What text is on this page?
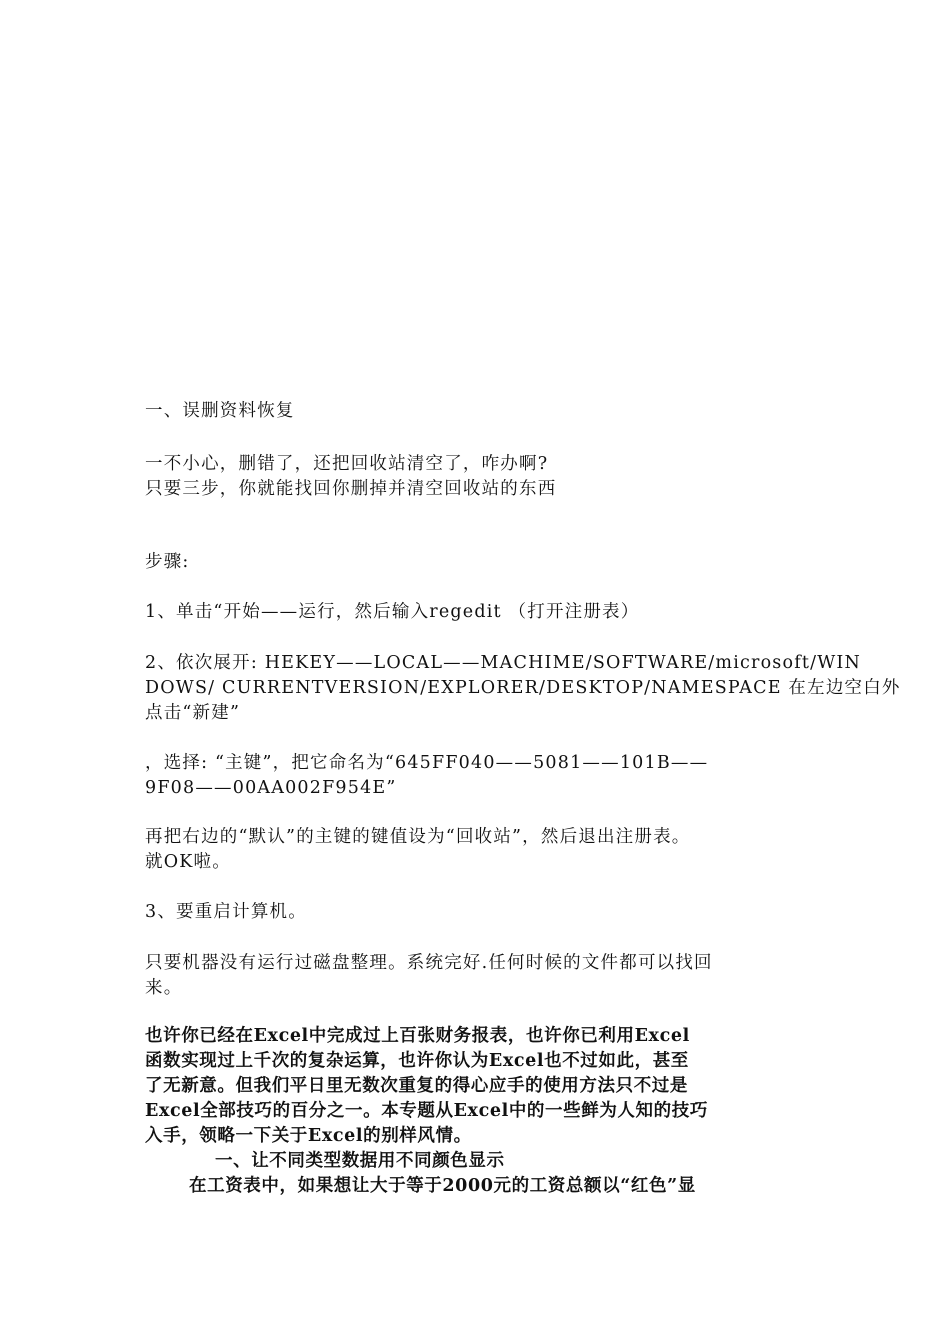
一、误删资料恢复
一不小心，删错了，还把回收站清空了，咋办啊?
只要三步，你就能找回你删掉并清空回收站的东西
步骤:
1、单击“开始——运行，然后输入regedit （打开注册表）
2、依次展开: HEKEY——LOCAL——MACHIME/SOFTWARE/microsoft/WIN
DOWS/ CURRENTVERSION/EXPLORER/DESKTOP/NAMESPACE 在左边空白外
点击“新建”
，选择: “主键”，把它命名为“645FF040——5081——101B——
9F08——00AA002F954E”
再把右边的“默认”的主键的键值设为“回收站”，然后退出注册表。
就OK啦。
3、要重启计算机。
只要机器没有运行过磁盘整理。系统完好.任何时候的文件都可以找回
来。
也许你已经在Excel中完成过上百张财务报表，也许你已利用Excel
函数实现过上千次的复杂运算，也许你认为Excel也不过如此，甚至
了无新意。但我们平日里无数次重复的得心应手的使用方法只不过是
Excel全部技巧的百分之一。本专题从Excel中的一些鲜为人知的技巧
入手，领略一下关于Excel的别样风情。
一、让不同类型数据用不同颜色显示
在工资表中，如果想让大于等于2000元的工资总额以“红色”显
